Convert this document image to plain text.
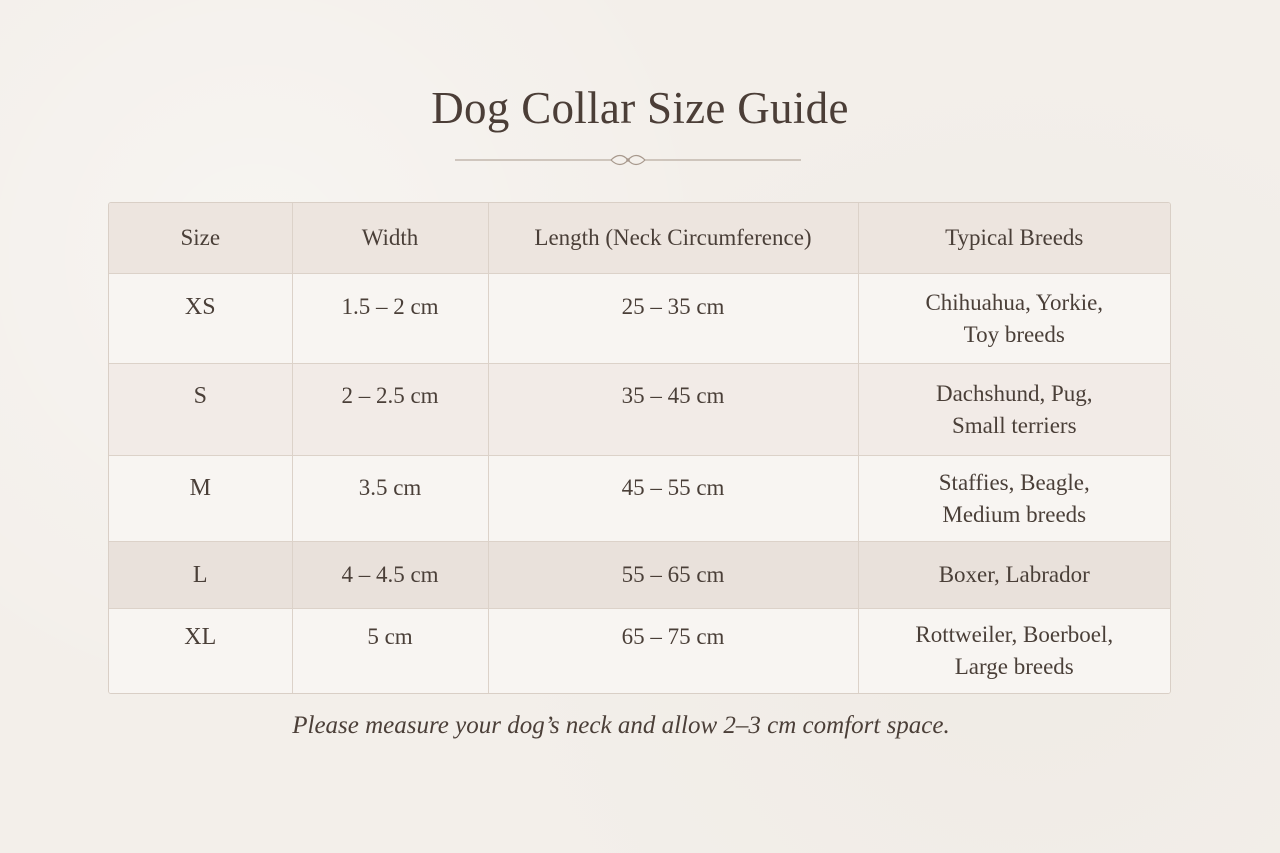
Dog Collar Size Guide
Size	Width	Length (Neck Circumference)	Typical Breeds
XS	1.5 – 2 cm	25 – 35 cm	Chihuahua, Yorkie,
Toy breeds

S	2 – 2.5 cm	35 – 45 cm	Dachshund, Pug,
Small terriers

M	3.5 cm	45 – 55 cm	Staffies, Beagle,
Medium breeds

L	4 – 4.5 cm	55 – 65 cm	Boxer, Labrador

XL	5 cm	65 – 75 cm	Rottweiler, Boerboel,
Large breeds
Please measure your dog’s neck and allow 2–3 cm comfort space.
